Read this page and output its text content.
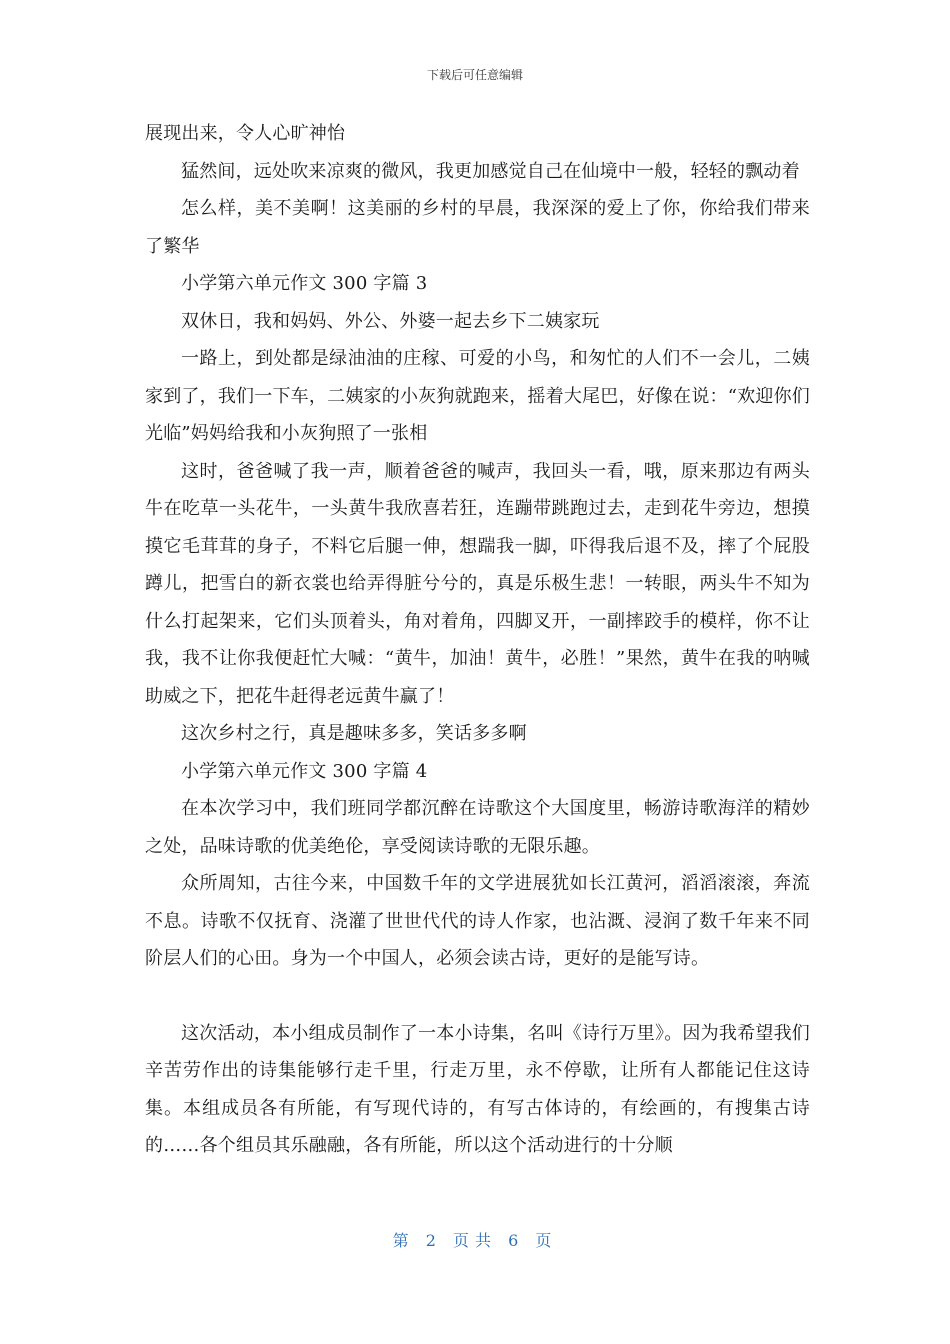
下载后可任意编辑

展现出来，令人心旷神怡

猛然间，远处吹来凉爽的微风，我更加感觉自己在仙境中一般，轻轻的飘动着

怎么样，美不美啊！这美丽的乡村的早晨，我深深的爱上了你，你给我们带来了繁华

小学第六单元作文 300 字篇 3

双休日，我和妈妈、外公、外婆一起去乡下二姨家玩

一路上，到处都是绿油油的庄稼、可爱的小鸟，和匆忙的人们不一会儿，二姨家到了，我们一下车，二姨家的小灰狗就跑来，摇着大尾巴，好像在说：“欢迎你们光临”妈妈给我和小灰狗照了一张相

这时，爸爸喊了我一声，顺着爸爸的喊声，我回头一看，哦，原来那边有两头牛在吃草一头花牛，一头黄牛我欣喜若狂，连蹦带跳跑过去，走到花牛旁边，想摸摸它毛茸茸的身子，不料它后腿一伸，想踹我一脚，吓得我后退不及，摔了个屁股蹲儿，把雪白的新衣裳也给弄得脏兮兮的，真是乐极生悲！一转眼，两头牛不知为什么打起架来，它们头顶着头，角对着角，四脚叉开，一副摔跤手的模样，你不让我，我不让你我便赶忙大喊：“黄牛，加油！黄牛，必胜！”果然，黄牛在我的呐喊助威之下，把花牛赶得老远黄牛赢了！

这次乡村之行，真是趣味多多，笑话多多啊

小学第六单元作文 300 字篇 4

在本次学习中，我们班同学都沉醉在诗歌这个大国度里，畅游诗歌海洋的精妙之处，品味诗歌的优美绝伦，享受阅读诗歌的无限乐趣。

众所周知，古往今来，中国数千年的文学进展犹如长江黄河，滔滔滚滚，奔流不息。诗歌不仅抚育、浇灌了世世代代的诗人作家，也沾溉、浸润了数千年来不同阶层人们的心田。身为一个中国人，必须会读古诗，更好的是能写诗。

这次活动，本小组成员制作了一本小诗集，名叫《诗行万里》。因为我希望我们辛苦劳作出的诗集能够行走千里，行走万里，永不停歇，让所有人都能记住这诗集。本组成员各有所能，有写现代诗的，有写古体诗的，有绘画的，有搜集古诗的……各个组员其乐融融，各有所能，所以这个活动进行的十分顺

第 2 页共 6 页
